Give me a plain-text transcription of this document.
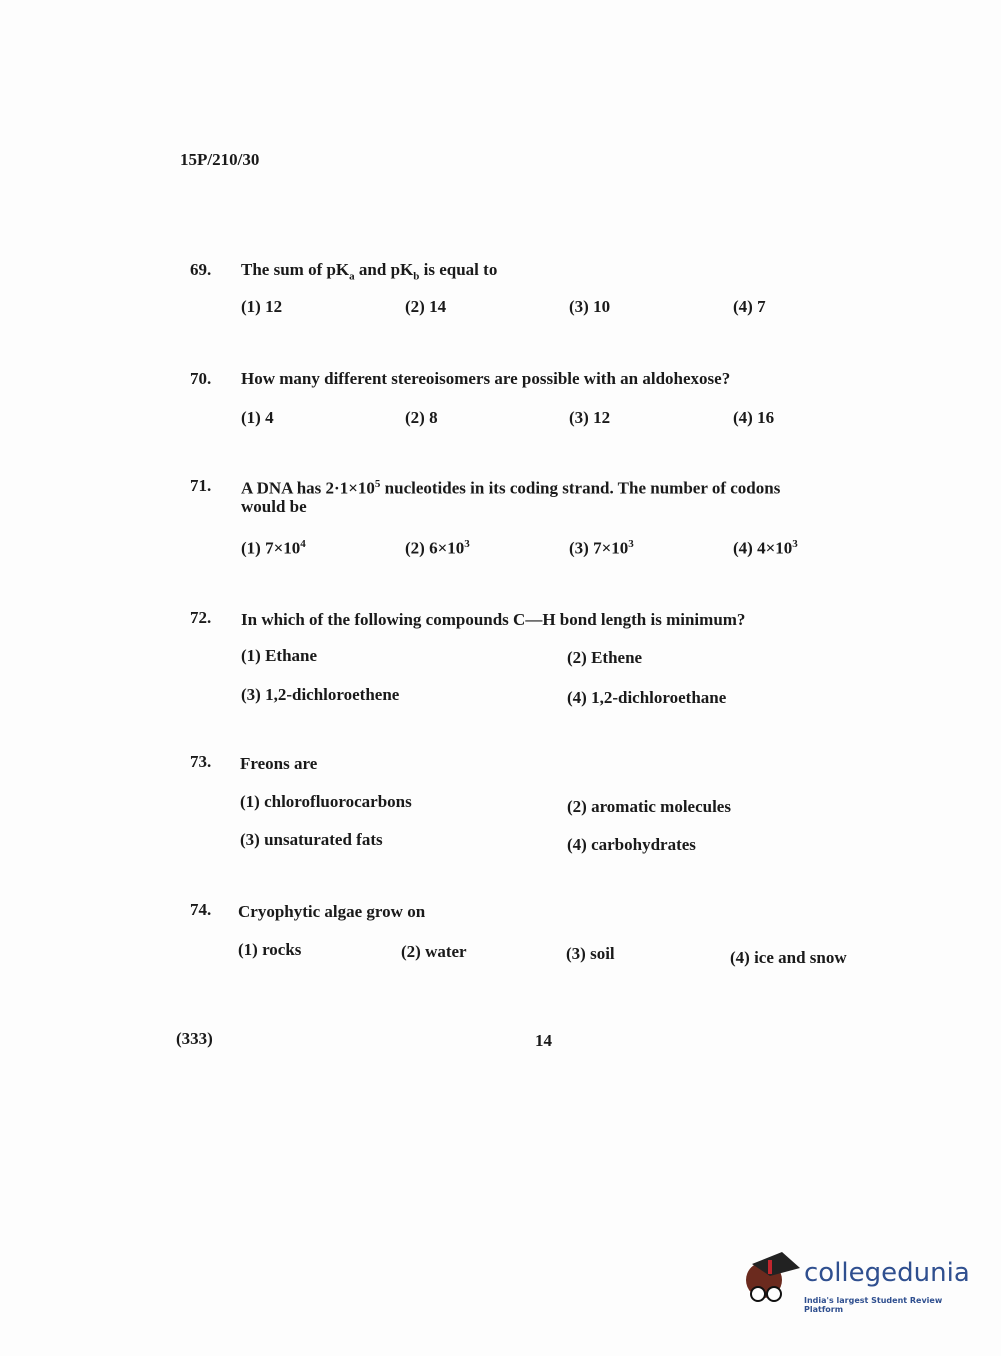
15P/210/30
69. The sum of $pK_a$ and $pK_b$ is equal to
(1) 12	(2) 14	(3) 10	(4) 7
70. How many different stereoisomers are possible with an aldohexose?
(1) 4	(2) 8	(3) 12	(4) 16
71. A DNA has $2\cdot 1\times 10^5$ nucleotides in its coding strand. The number of codons
would be
(1) $7\times 10^4$	(2) $6\times 10^3$	(3) $7\times 10^3$	(4) $4\times 10^3$
72. In which of the following compounds C—H bond length is minimum?
(1) Ethane	(2) Ethene
(3) 1,2-dichloroethene	(4) 1,2-dichloroethane
73. Freons are
(1) chlorofluorocarbons	(2) aromatic molecules
(3) unsaturated fats	(4) carbohydrates
74. Cryophytic algae grow on
(1) rocks	(2) water	(3) soil	(4) ice and snow
(333)	14
collegedunia
India's largest Student Review Platform
